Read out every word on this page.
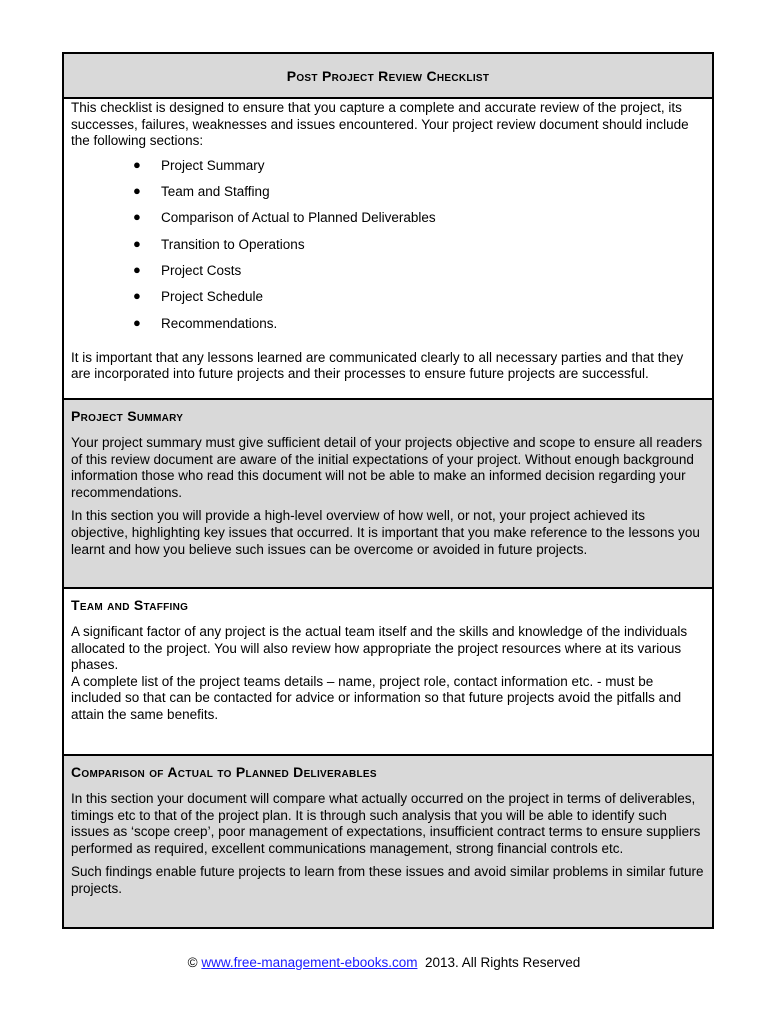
Post Project Review Checklist

This checklist is designed to ensure that you capture a complete and accurate review of the project, its successes, failures, weaknesses and issues encountered. Your project review document should include the following sections:

● Project Summary
● Team and Staffing
● Comparison of Actual to Planned Deliverables
● Transition to Operations
● Project Costs
● Project Schedule
● Recommendations.

It is important that any lessons learned are communicated clearly to all necessary parties and that they are incorporated into future projects and their processes to ensure future projects are successful.

Project Summary

Your project summary must give sufficient detail of your projects objective and scope to ensure all readers of this review document are aware of the initial expectations of your project. Without enough background information those who read this document will not be able to make an informed decision regarding your recommendations.

In this section you will provide a high-level overview of how well, or not, your project achieved its objective, highlighting key issues that occurred. It is important that you make reference to the lessons you learnt and how you believe such issues can be overcome or avoided in future projects.

Team and Staffing

A significant factor of any project is the actual team itself and the skills and knowledge of the individuals allocated to the project. You will also review how appropriate the project resources where at its various phases.

A complete list of the project teams details – name, project role, contact information etc. - must be included so that can be contacted for advice or information so that future projects avoid the pitfalls and attain the same benefits.

Comparison of Actual to Planned Deliverables

In this section your document will compare what actually occurred on the project in terms of deliverables, timings etc to that of the project plan. It is through such analysis that you will be able to identify such issues as ‘scope creep’, poor management of expectations, insufficient contract terms to ensure suppliers performed as required, excellent communications management, strong financial controls etc.

Such findings enable future projects to learn from these issues and avoid similar problems in similar future projects.

© www.free-management-ebooks.com 2013. All Rights Reserved
